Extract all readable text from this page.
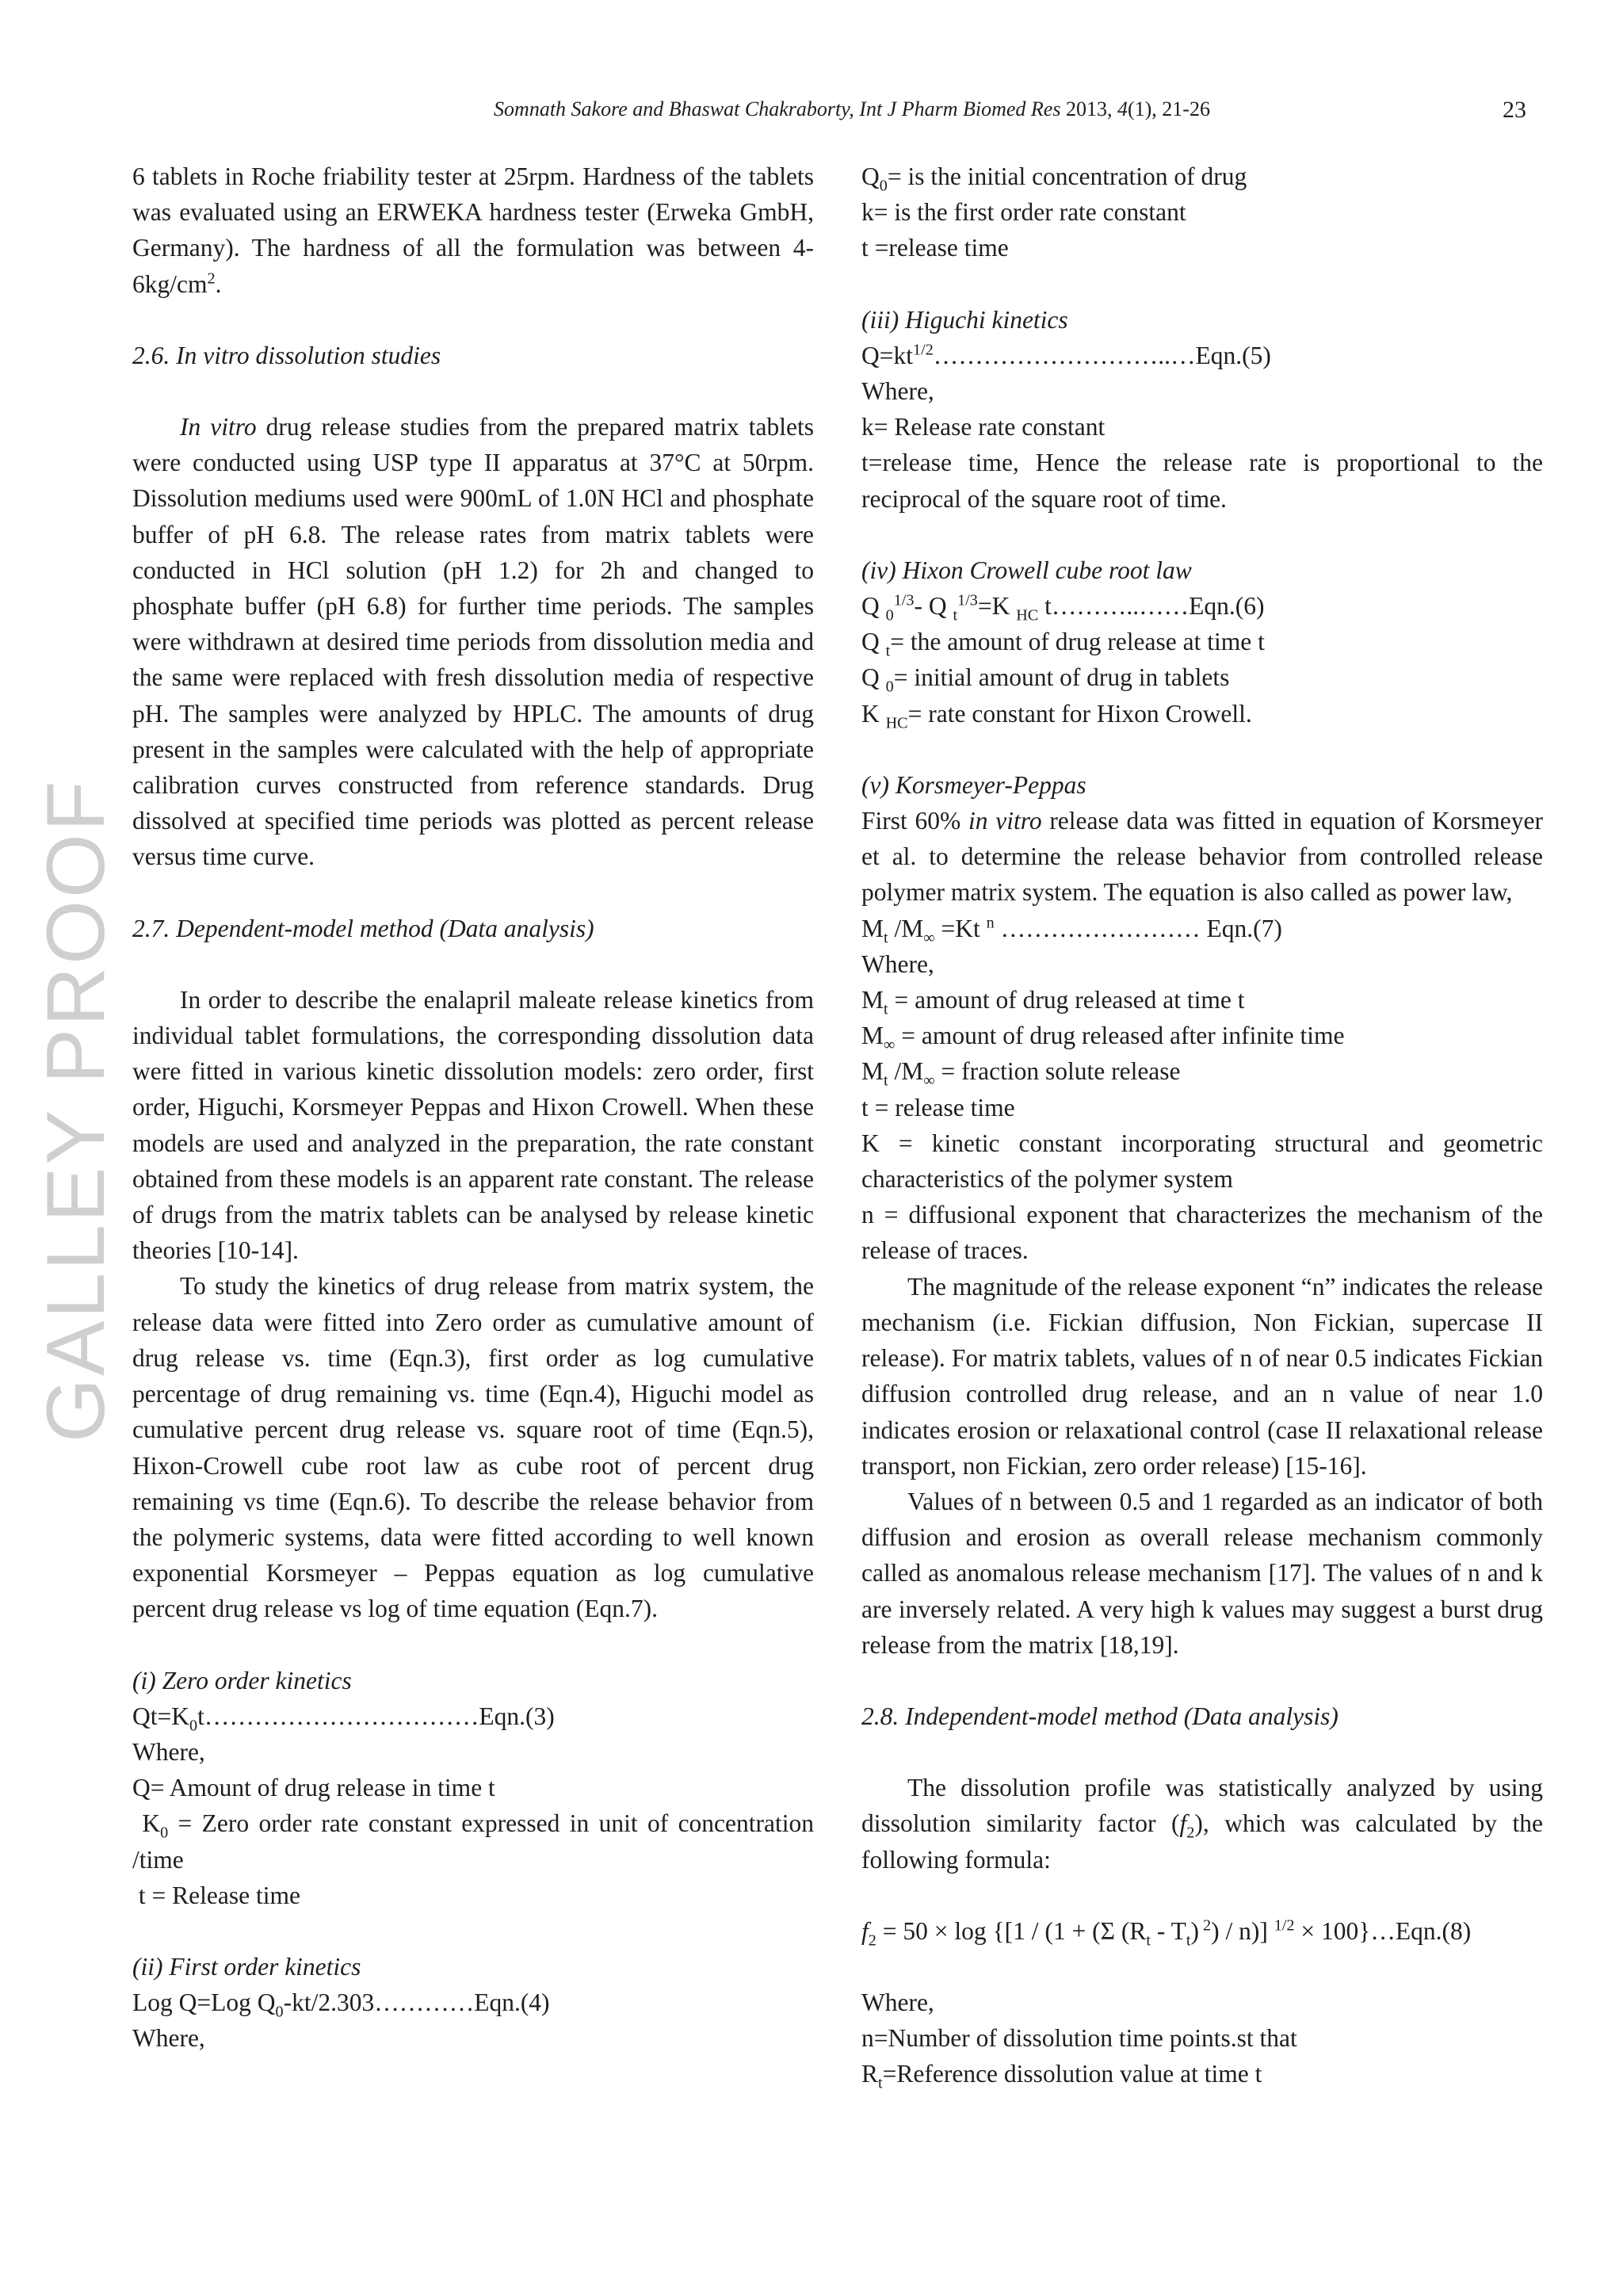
Somnath Sakore and Bhaswat Chakraborty, Int J Pharm Biomed Res 2013, 4(1), 21-26	23
GALLEY PROOF

6 tablets in Roche friability tester at 25rpm. Hardness of the tablets was evaluated using an ERWEKA hardness tester (Erweka GmbH, Germany). The hardness of all the formulation was between $4-6kg/cm^2$.

2.6. In vitro dissolution studies

In vitro drug release studies from the prepared matrix tablets were conducted using USP type II apparatus at 37°C at 50rpm. Dissolution mediums used were 900mL of 1.0N HCl and phosphate buffer of pH 6.8. The release rates from matrix tablets were conducted in HCl solution (pH 1.2) for 2h and changed to phosphate buffer (pH 6.8) for further time periods. The samples were withdrawn at desired time periods from dissolution media and the same were replaced with fresh dissolution media of respective pH. The samples were analyzed by HPLC. The amounts of drug present in the samples were calculated with the help of appropriate calibration curves constructed from reference standards. Drug dissolved at specified time periods was plotted as percent release versus time curve.

2.7. Dependent-model method (Data analysis)

In order to describe the enalapril maleate release kinetics from individual tablet formulations, the corresponding dissolution data were fitted in various kinetic dissolution models: zero order, first order, Higuchi, Korsmeyer Peppas and Hixon Crowell. When these models are used and analyzed in the preparation, the rate constant obtained from these models is an apparent rate constant. The release of drugs from the matrix tablets can be analysed by release kinetic theories [10-14].

To study the kinetics of drug release from matrix system, the release data were fitted into Zero order as cumulative amount of drug release vs. time (Eqn.3), first order as log cumulative percentage of drug remaining vs. time (Eqn.4), Higuchi model as cumulative percent drug release vs. square root of time (Eqn.5), Hixon-Crowell cube root law as cube root of percent drug remaining vs time (Eqn.6). To describe the release behavior from the polymeric systems, data were fitted according to well known exponential Korsmeyer – Peppas equation as log cumulative percent drug release vs log of time equation (Eqn.7).

(i) Zero order kinetics

$Qt=K_0t\dots\dots\dots\dots\dots\dots\dots\dots\dots\dots\dots Eqn.(3)$

Where,

Q= Amount of drug release in time t

$K_0$ = Zero order rate constant expressed in unit of concentration /time

t = Release time

(ii) First order kinetics

Log Q=Log $Q_0-kt/2.303\dots\dots\dots\dots Eqn.(4)$

Where,

$Q_0=$ is the initial concentration of drug

k= is the first order rate constant

t =release time

(iii) Higuchi kinetics

$Q=kt^{1/2}\dots\dots\dots\dots\dots\dots\dots\dots\dots..\dots Eqn.(5)$

Where,

k= Release rate constant

t=release time, Hence the release rate is proportional to the reciprocal of the square root of time.

(iv) Hixon Crowell cube root law

Q $_0^{1/3}$- Q $_t^{1/3}$=K $_{HC}$ t………..……Eqn.(6)

Q $_t$= the amount of drug release at time t

Q $_0$= initial amount of drug in tablets

K $_{HC}$= rate constant for Hixon Crowell.

(v) Korsmeyer-Peppas

First 60% in vitro release data was fitted in equation of Korsmeyer et al. to determine the release behavior from controlled release polymer matrix system. The equation is also called as power law,

$M_t$ $/M_\infty =Kt$ $^n$ …………………… Eqn.(7)

Where,

$M_t$ = amount of drug released at time t

$M_\infty$ = amount of drug released after infinite time

$M_t$ $/M_\infty$ = fraction solute release

t = release time

K = kinetic constant incorporating structural and geometric characteristics of the polymer system

n = diffusional exponent that characterizes the mechanism of the release of traces.

The magnitude of the release exponent “n” indicates the release mechanism (i.e. Fickian diffusion, Non Fickian, supercase II release). For matrix tablets, values of n of near 0.5 indicates Fickian diffusion controlled drug release, and an n value of near 1.0 indicates erosion or relaxational control (case II relaxational release transport, non Fickian, zero order release) [15-16].

Values of n between 0.5 and 1 regarded as an indicator of both diffusion and erosion as overall release mechanism commonly called as anomalous release mechanism [17]. The values of n and k are inversely related. A very high k values may suggest a burst drug release from the matrix [18,19].

2.8. Independent-model method (Data analysis)

The dissolution profile was statistically analyzed by using dissolution similarity factor $(f_2)$, which was calculated by the following formula:

$f_2 = 50 \times \log \{[1 / (1 + (\Sigma$ $(R_t - T_t)$ $^2$) / n)] $^{1/2}$ × 100}…Eqn.(8)

Where,

n=Number of dissolution time points.st that

$R_t=Reference$ dissolution value at time t
